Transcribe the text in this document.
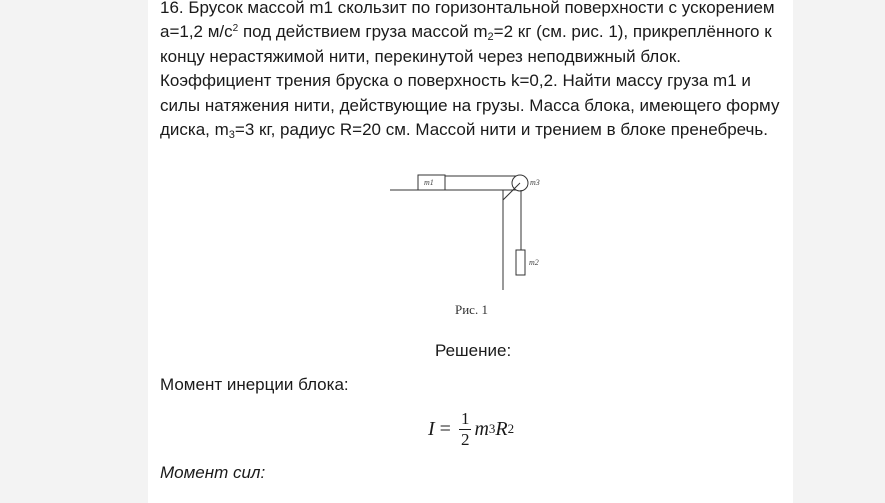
16. Брусок массой m1 скользит по горизонтальной поверхности с ускорением
a=1,2 $м/с^2$ под действием груза массой $m_2=2$ кг (см. рис. 1), прикреплённого к
концу нерастяжимой нити, перекинутой через неподвижный блок.
Коэффициент трения бруска о поверхность k=0,2. Найти массу груза m1 и
силы натяжения нити, действующие на грузы. Масса блока, имеющего форму
диска, $m_3=3$ кг, радиус R=20 см. Массой нити и трением в блоке пренебречь.

m1	m3
m2
Рис. 1
Решение:
Момент инерции блока:
$I = \frac{1}{2}$ m 3 R 2
Момент сил:
